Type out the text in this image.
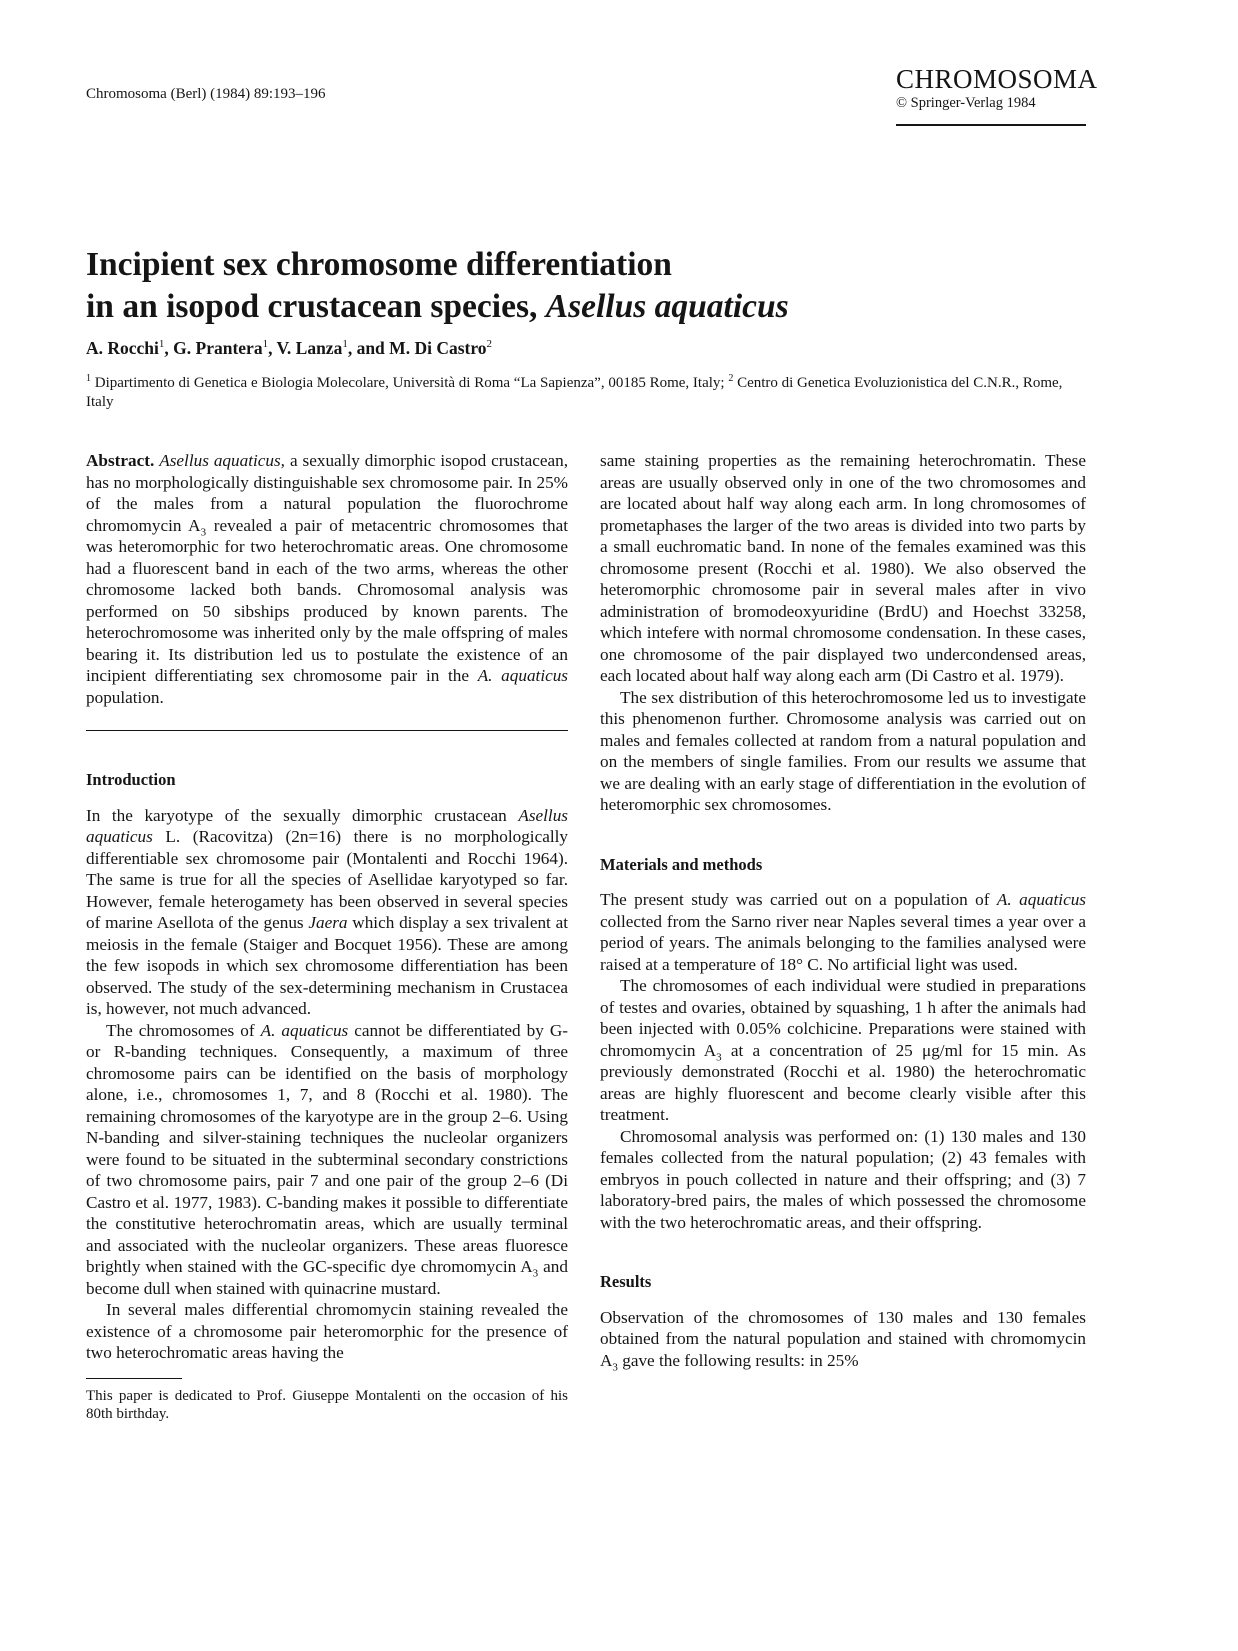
Chromosoma (Berl) (1984) 89:193–196	CHROMOSOMA
© Springer-Verlag 1984
Incipient sex chromosome differentiation
in an isopod crustacean species, Asellus aquaticus
A. Rocchi$^1$, G. Prantera$^1$, V. Lanza$^1$, and M. Di Castro$^2$
$^1$ Dipartimento di Genetica e Biologia Molecolare, Università di Roma “La Sapienza”, 00185 Rome, Italy; $^2$ Centro di Genetica Evoluzionistica del C.N.R., Rome, Italy

Abstract. Asellus aquaticus, a sexually dimorphic isopod crustacean, has no morphologically distinguishable sex chromosome pair. In 25% of the males from a natural population the fluorochrome chromomycin $A_3$ revealed a pair of metacentric chromosomes that was heteromorphic for two heterochromatic areas. One chromosome had a fluorescent band in each of the two arms, whereas the other chromosome lacked both bands. Chromosomal analysis was performed on 50 sibships produced by known parents. The heterochromosome was inherited only by the male offspring of males bearing it. Its distribution led us to postulate the existence of an incipient differentiating sex chromosome pair in the A. aquaticus population.

Introduction

In the karyotype of the sexually dimorphic crustacean Asellus aquaticus L. (Racovitza) (2n=16) there is no morphologically differentiable sex chromosome pair (Montalenti and Rocchi 1964). The same is true for all the species of Asellidae karyotyped so far. However, female heterogamety has been observed in several species of marine Asellota of the genus Jaera which display a sex trivalent at meiosis in the female (Staiger and Bocquet 1956). These are among the few isopods in which sex chromosome differentiation has been observed. The study of the sex-determining mechanism in Crustacea is, however, not much advanced.

The chromosomes of A. aquaticus cannot be differentiated by G- or R-banding techniques. Consequently, a maximum of three chromosome pairs can be identified on the basis of morphology alone, i.e., chromosomes 1, 7, and 8 (Rocchi et al. 1980). The remaining chromosomes of the karyotype are in the group 2–6. Using N-banding and silver-staining techniques the nucleolar organizers were found to be situated in the subterminal secondary constrictions of two chromosome pairs, pair 7 and one pair of the group 2–6 (Di Castro et al. 1977, 1983). C-banding makes it possible to differentiate the constitutive heterochromatin areas, which are usually terminal and associated with the nucleolar organizers. These areas fluoresce brightly when stained with the GC-specific dye chromomycin $A_3$ and become dull when stained with quinacrine mustard.

In several males differential chromomycin staining revealed the existence of a chromosome pair heteromorphic for the presence of two heterochromatic areas having the

This paper is dedicated to Prof. Giuseppe Montalenti on the occasion of his 80th birthday.

same staining properties as the remaining heterochromatin. These areas are usually observed only in one of the two chromosomes and are located about half way along each arm. In long chromosomes of prometaphases the larger of the two areas is divided into two parts by a small euchromatic band. In none of the females examined was this chromosome present (Rocchi et al. 1980). We also observed the heteromorphic chromosome pair in several males after in vivo administration of bromodeoxyuridine (BrdU) and Hoechst 33258, which intefere with normal chromosome condensation. In these cases, one chromosome of the pair displayed two undercondensed areas, each located about half way along each arm (Di Castro et al. 1979).

The sex distribution of this heterochromosome led us to investigate this phenomenon further. Chromosome analysis was carried out on males and females collected at random from a natural population and on the members of single families. From our results we assume that we are dealing with an early stage of differentiation in the evolution of heteromorphic sex chromosomes.

Materials and methods

The present study was carried out on a population of A. aquaticus collected from the Sarno river near Naples several times a year over a period of years. The animals belonging to the families analysed were raised at a temperature of 18° C. No artificial light was used.

The chromosomes of each individual were studied in preparations of testes and ovaries, obtained by squashing, 1 h after the animals had been injected with 0.05% colchicine. Preparations were stained with chromomycin $A_3$ at a concentration of 25 μg/ml for 15 min. As previously demonstrated (Rocchi et al. 1980) the heterochromatic areas are highly fluorescent and become clearly visible after this treatment.

Chromosomal analysis was performed on: (1) 130 males and 130 females collected from the natural population; (2) 43 females with embryos in pouch collected in nature and their offspring; and (3) 7 laboratory-bred pairs, the males of which possessed the chromosome with the two heterochromatic areas, and their offspring.

Results

Observation of the chromosomes of 130 males and 130 females obtained from the natural population and stained with chromomycin $A_3$ gave the following results: in 25%
